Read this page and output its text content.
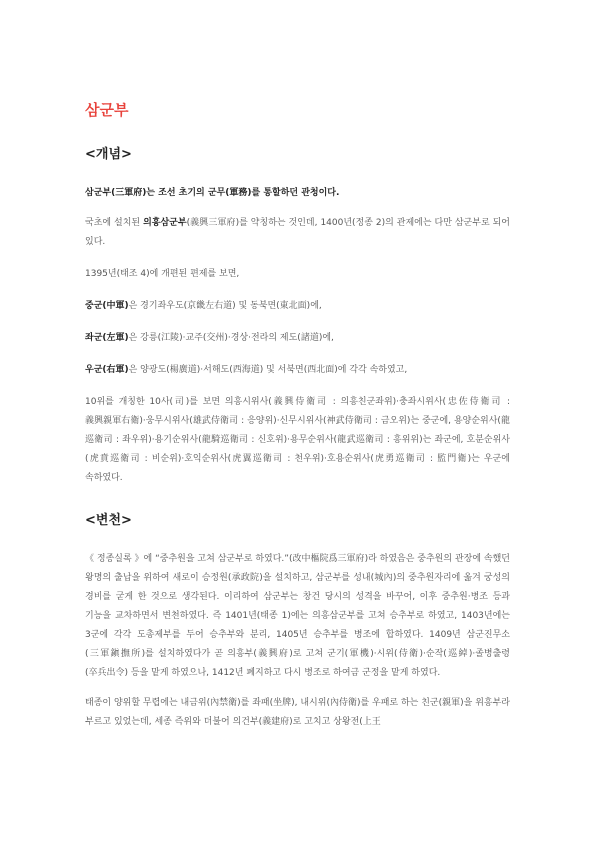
삼군부
<개념>
삼군부(三軍府)는 조선 초기의 군무(軍務)를 통할하던 관청이다.
국초에 설치된 의흥삼군부(義興三軍府)를 약칭하는 것인데, 1400년(정종 2)의 관제에는 다만 삼군부로 되어 있다.
1395년(태조 4)에 개편된 편제를 보면,
중군(中軍)은 경기좌우도(京畿左右道) 및 동북면(東北面)에,
좌군(左軍)은 강릉(江陵)·교주(交州)·경상·전라의 제도(諸道)에,
우군(右軍)은 양광도(楊廣道)·서해도(西海道) 및 서북면(西北面)에 각각 속하였고,
10위를 개칭한 10사(司)를 보면 의흥시위사(義興侍衛司 : 의흥친군좌위)·충좌시위사(忠佐侍衛司 : 義興親軍右衛)·웅무시위사(雄武侍衛司 : 응양위)·신무시위사(神武侍衛司 : 금오위)는 중군에, 용양순위사(龍 巡衛司 : 좌우위)·용기순위사(龍騎巡衛司 : 신호위)·용무순위사(龍武巡衛司 : 흥위위)는 좌군에, 호분순위사(虎賁巡衛司 : 비순위)·호익순위사(虎翼巡衛司 : 천우위)·호용순위사(虎勇巡衛司 : 監門衛)는 우군에 속하였다.
<변천>
《 정종실록 》에 “중추원을 고쳐 삼군부로 하였다.”(改中樞院爲三軍府)라 하였음은 중추원의 관장에 속했던 왕명의 출납을 위하여 새로이 승정원(承政院)을 설치하고, 삼군부를 성내(城內)의 중추원자리에 옮겨 궁성의 경비를 굳게 한 것으로 생각된다. 이리하여 삼군부는 창건 당시의 성격을 바꾸어, 이후 중추원·병조 등과 기능을 교차하면서 변천하였다. 즉 1401년(태종 1)에는 의흥삼군부를 고쳐 승추부로 하였고, 1403년에는 3군에 각각 도총제부를 두어 승추부와 분리, 1405년 승추부를 병조에 합하였다. 1409년 삼군진무소(三軍鎭撫所)를 설치하였다가 곧 의흥부(義興府)로 고쳐 군기(軍機)·시위(侍衛)·순작(巡綽)·졸병출령(卒兵出令) 등을 맡게 하였으나, 1412년 폐지하고 다시 병조로 하여금 군정을 맡게 하였다.
태종이 양위할 무렵에는 내금위(內禁衛)를 좌패(坐牌), 내시위(內侍衛)를 우패로 하는 친군(親軍)을 위흥부라 부르고 있었는데, 세종 즉위와 더불어 의건부(義建府)로 고치고 상왕전(上王
